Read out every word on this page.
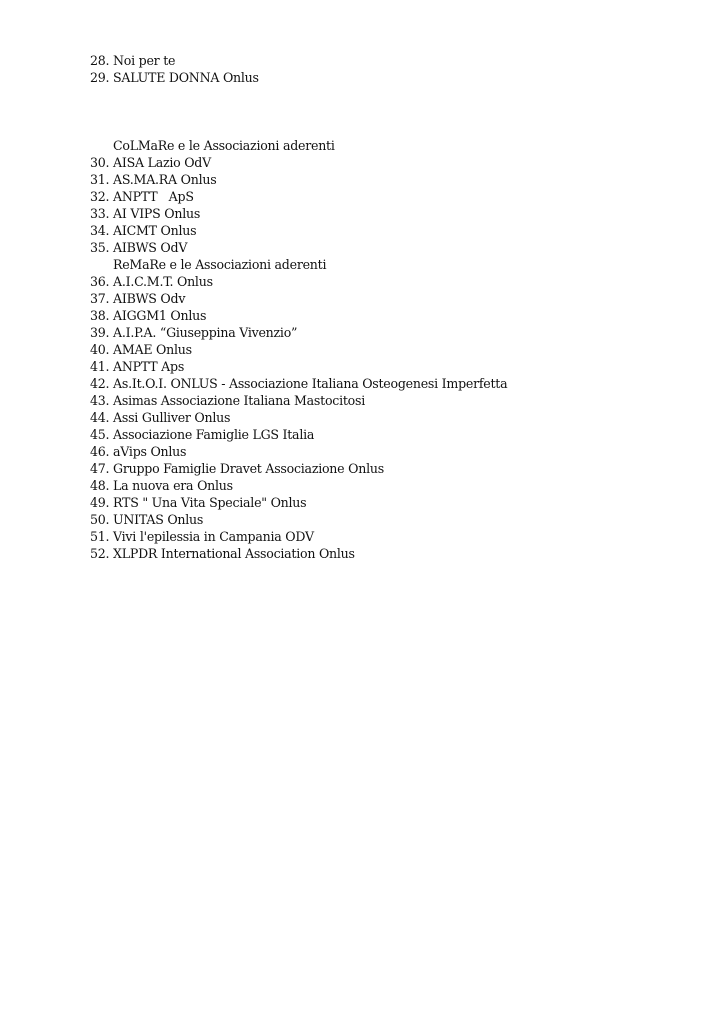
28. Noi per te
29. SALUTE DONNA Onlus
CoLMaRe e le Associazioni aderenti
30. AISA Lazio OdV
31. AS.MA.RA Onlus
32. ANPTT   ApS
33. AI VIPS Onlus
34. AICMT Onlus
35. AIBWS OdV
ReMaRe e le Associazioni aderenti
36. A.I.C.M.T. Onlus
37. AIBWS Odv
38. AIGGM1 Onlus
39. A.I.P.A. “Giuseppina Vivenzio”
40. AMAE Onlus
41. ANPTT Aps
42. As.It.O.I. ONLUS - Associazione Italiana Osteogenesi Imperfetta
43. Asimas Associazione Italiana Mastocitosi
44. Assi Gulliver Onlus
45. Associazione Famiglie LGS Italia
46. aVips Onlus
47. Gruppo Famiglie Dravet Associazione Onlus
48. La nuova era Onlus
49. RTS " Una Vita Speciale" Onlus
50. UNITAS Onlus
51. Vivi l'epilessia in Campania ODV
52. XLPDR International Association Onlus
